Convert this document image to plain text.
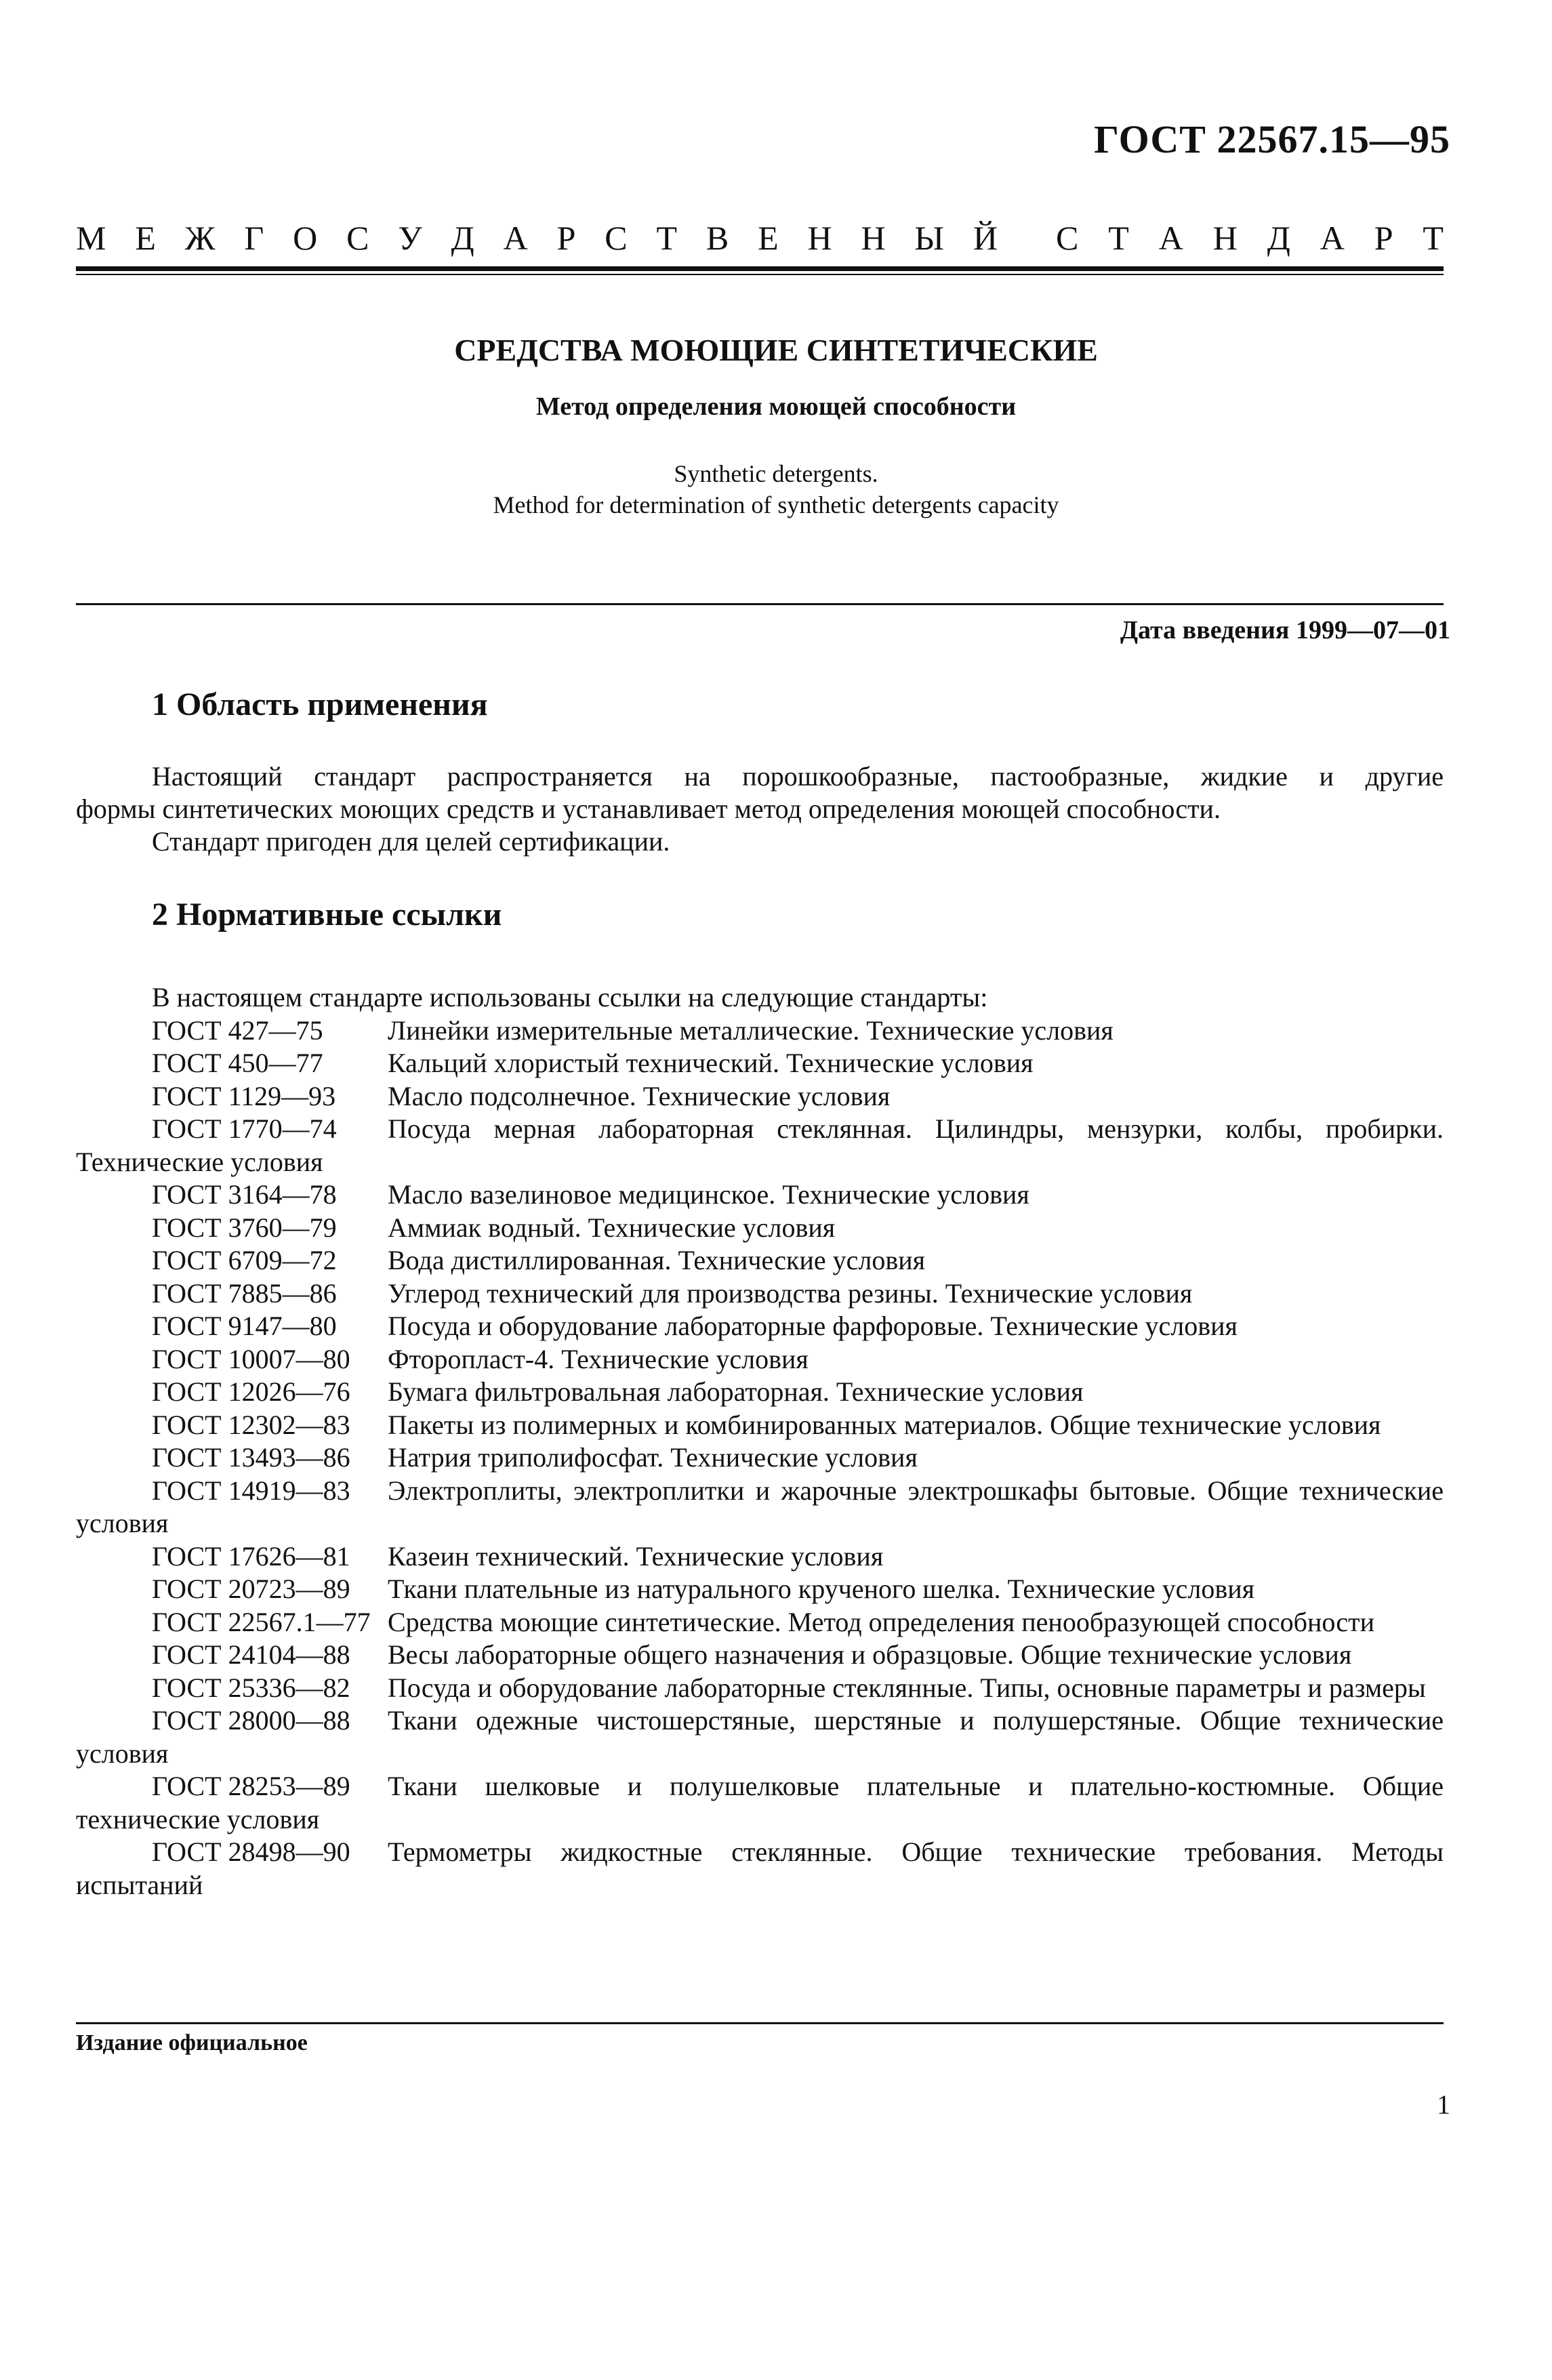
ГОСТ 22567.15—95
М Е Ж Г О С У Д А Р С Т В Е Н Н Ы Й С Т А Н Д А Р Т
СРЕДСТВА МОЮЩИЕ СИНТЕТИЧЕСКИЕ
Метод определения моющей способности
Synthetic detergents.
Method for determination of synthetic detergents capacity
Дата введения 1999—07—01
1 Область применения
Настоящий стандарт распространяется на порошкообразные, пастообразные, жидкие и другие
формы синтетических моющих средств и устанавливает метод определения моющей способности.
Стандарт пригоден для целей сертификации.
2 Нормативные ссылки
В настоящем стандарте использованы ссылки на следующие стандарты:
ГОСТ 427—75 Линейки измерительные металлические. Технические условия
ГОСТ 450—77 Кальций хлористый технический. Технические условия
ГОСТ 1129—93 Масло подсолнечное. Технические условия
ГОСТ 1770—74 Посуда мерная лабораторная стеклянная. Цилиндры, мензурки, колбы, пробирки. Технические условия
ГОСТ 3164—78 Масло вазелиновое медицинское. Технические условия
ГОСТ 3760—79 Аммиак водный. Технические условия
ГОСТ 6709—72 Вода дистиллированная. Технические условия
ГОСТ 7885—86 Углерод технический для производства резины. Технические условия
ГОСТ 9147—80 Посуда и оборудование лабораторные фарфоровые. Технические условия
ГОСТ 10007—80 Фторопласт-4. Технические условия
ГОСТ 12026—76 Бумага фильтровальная лабораторная. Технические условия
ГОСТ 12302—83 Пакеты из полимерных и комбинированных материалов. Общие технические условия
ГОСТ 13493—86 Натрия триполифосфат. Технические условия
ГОСТ 14919—83 Электроплиты, электроплитки и жарочные электрошкафы бытовые. Общие технические условия
ГОСТ 17626—81 Казеин технический. Технические условия
ГОСТ 20723—89 Ткани плательные из натурального крученого шелка. Технические условия
ГОСТ 22567.1—77 Средства моющие синтетические. Метод определения пенообразующей способности
ГОСТ 24104—88 Весы лабораторные общего назначения и образцовые. Общие технические условия
ГОСТ 25336—82 Посуда и оборудование лабораторные стеклянные. Типы, основные параметры и размеры
ГОСТ 28000—88 Ткани одежные чистошерстяные, шерстяные и полушерстяные. Общие технические условия
ГОСТ 28253—89 Ткани шелковые и полушелковые плательные и плательно-костюмные. Общие технические условия
ГОСТ 28498—90 Термометры жидкостные стеклянные. Общие технические требования. Методы испытаний
Издание официальное
1
